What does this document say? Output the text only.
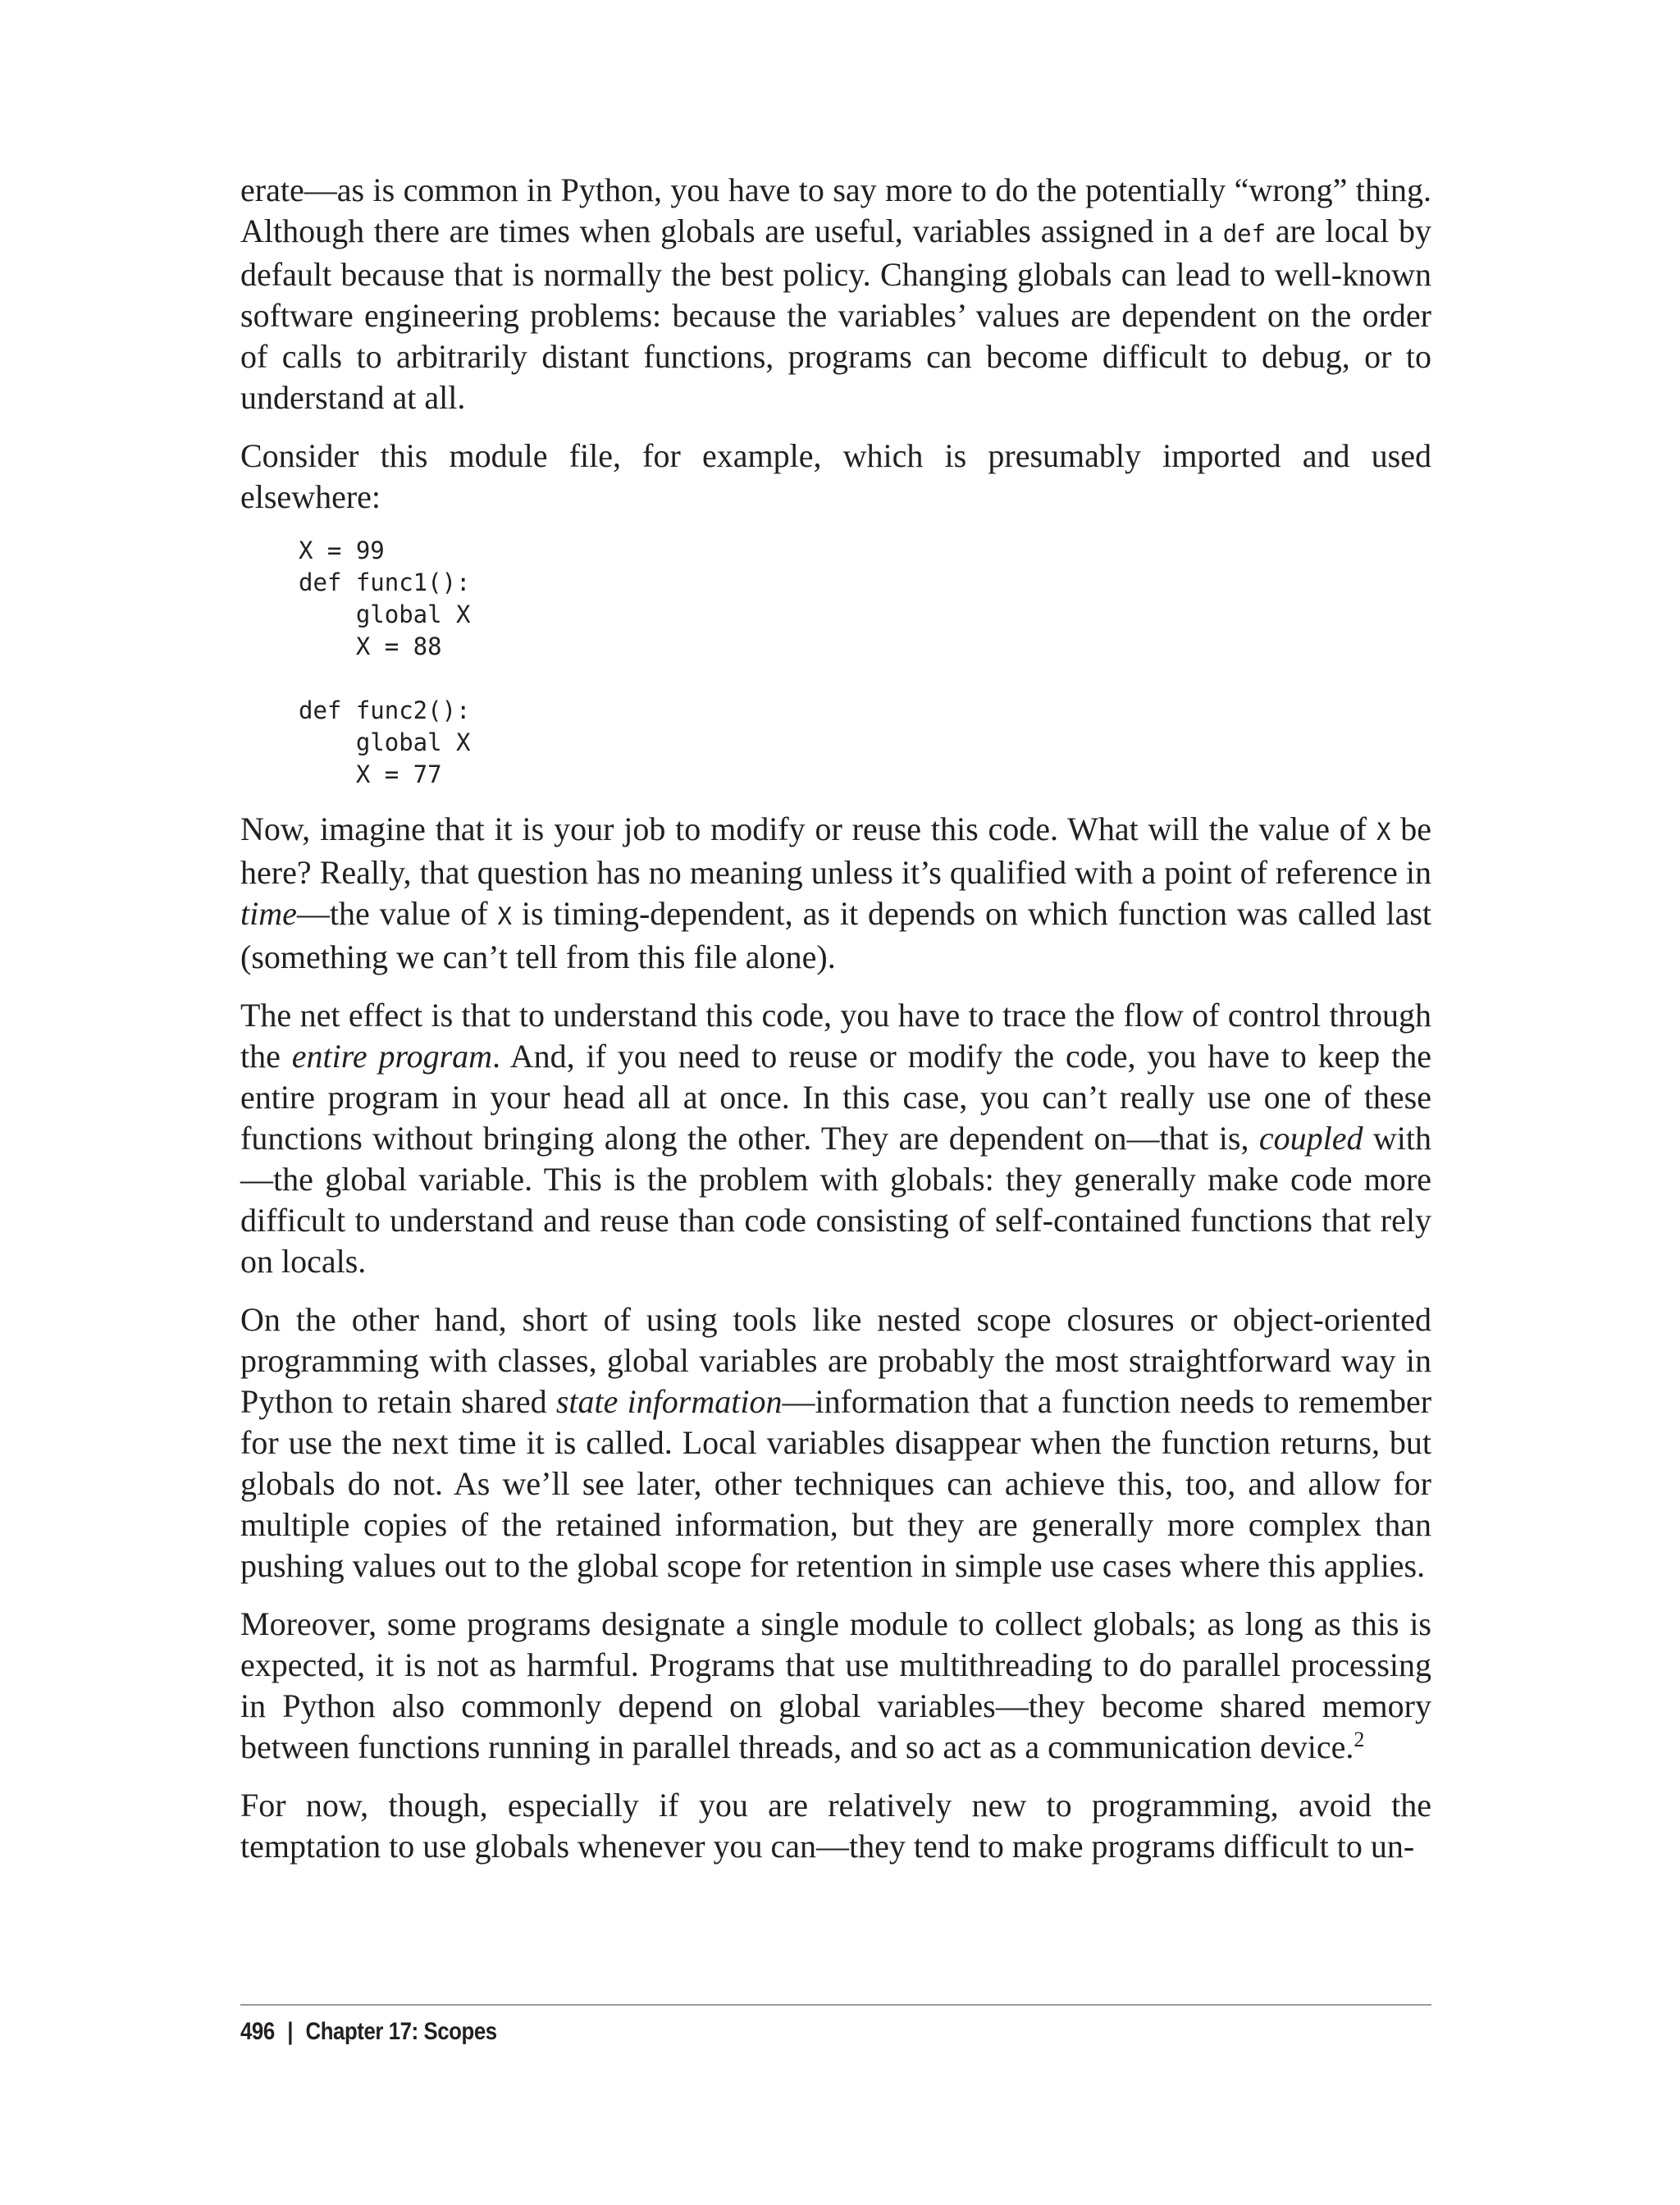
erate—as is common in Python, you have to say more to do the potentially “wrong” thing. Although there are times when globals are useful, variables assigned in a def are local by default because that is normally the best policy. Changing globals can lead to well-known software engineering problems: because the variables’ values are dependent on the order of calls to arbitrarily distant functions, programs can become difficult to debug, or to understand at all.

Consider this module file, for example, which is presumably imported and used elsewhere:

X = 99
def func1():
global X
X = 88
def func2():
global X
X = 77

Now, imagine that it is your job to modify or reuse this code. What will the value of X be here? Really, that question has no meaning unless it’s qualified with a point of reference in time—the value of X is timing-dependent, as it depends on which function was called last (something we can’t tell from this file alone).

The net effect is that to understand this code, you have to trace the flow of control through the entire program. And, if you need to reuse or modify the code, you have to keep the entire program in your head all at once. In this case, you can’t really use one of these functions without bringing along the other. They are dependent on—that is, coupled with—the global variable. This is the problem with globals: they generally make code more difficult to understand and reuse than code consisting of self-contained functions that rely on locals.

On the other hand, short of using tools like nested scope closures or object-oriented programming with classes, global variables are probably the most straightforward way in Python to retain shared state information—information that a function needs to remember for use the next time it is called. Local variables disappear when the function returns, but globals do not. As we’ll see later, other techniques can achieve this, too, and allow for multiple copies of the retained information, but they are generally more complex than pushing values out to the global scope for retention in simple use cases where this applies.

Moreover, some programs designate a single module to collect globals; as long as this is expected, it is not as harmful. Programs that use multithreading to do parallel processing in Python also commonly depend on global variables—they become shared memory between functions running in parallel threads, and so act as a communication device.$^2$

For now, though, especially if you are relatively new to programming, avoid the temptation to use globals whenever you can—they tend to make programs difficult to un-

496 | Chapter 17: Scopes
